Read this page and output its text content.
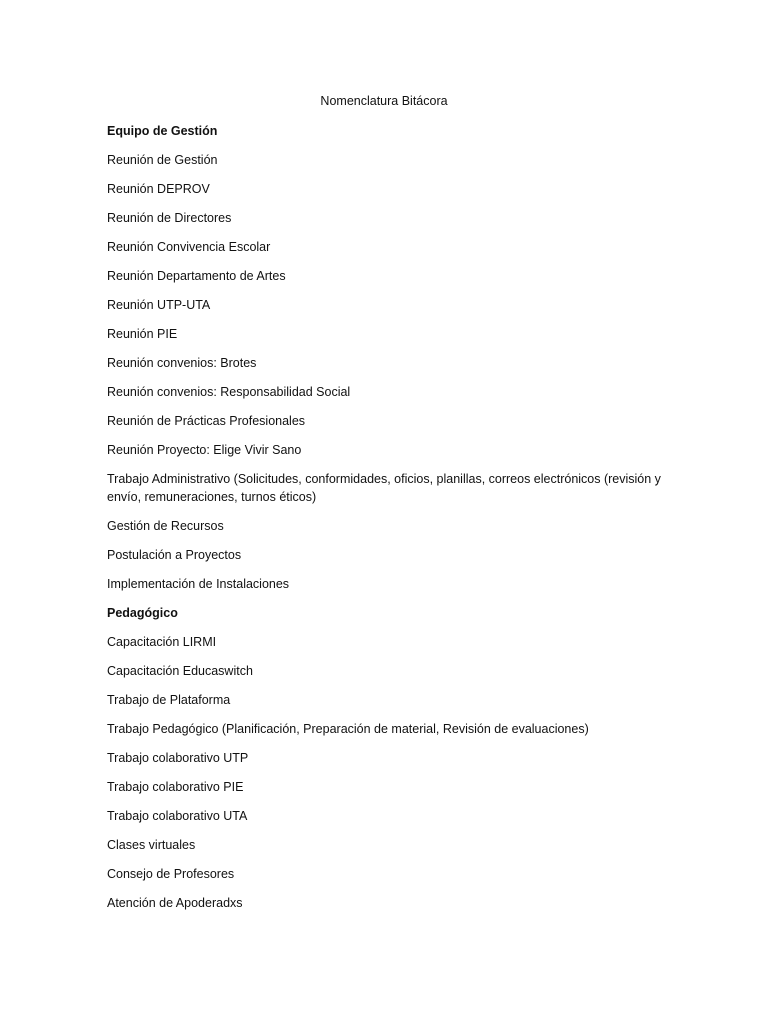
Nomenclatura Bitácora
Equipo de Gestión
Reunión de Gestión
Reunión DEPROV
Reunión de Directores
Reunión Convivencia Escolar
Reunión Departamento de Artes
Reunión UTP-UTA
Reunión PIE
Reunión convenios: Brotes
Reunión convenios: Responsabilidad Social
Reunión de Prácticas Profesionales
Reunión Proyecto: Elige Vivir Sano
Trabajo Administrativo (Solicitudes, conformidades, oficios, planillas, correos electrónicos (revisión y envío, remuneraciones, turnos éticos)
Gestión de Recursos
Postulación a Proyectos
Implementación de Instalaciones
Pedagógico
Capacitación LIRMI
Capacitación Educaswitch
Trabajo de Plataforma
Trabajo Pedagógico (Planificación, Preparación de material, Revisión de evaluaciones)
Trabajo colaborativo UTP
Trabajo colaborativo PIE
Trabajo colaborativo UTA
Clases virtuales
Consejo de Profesores
Atención de Apoderadxs
